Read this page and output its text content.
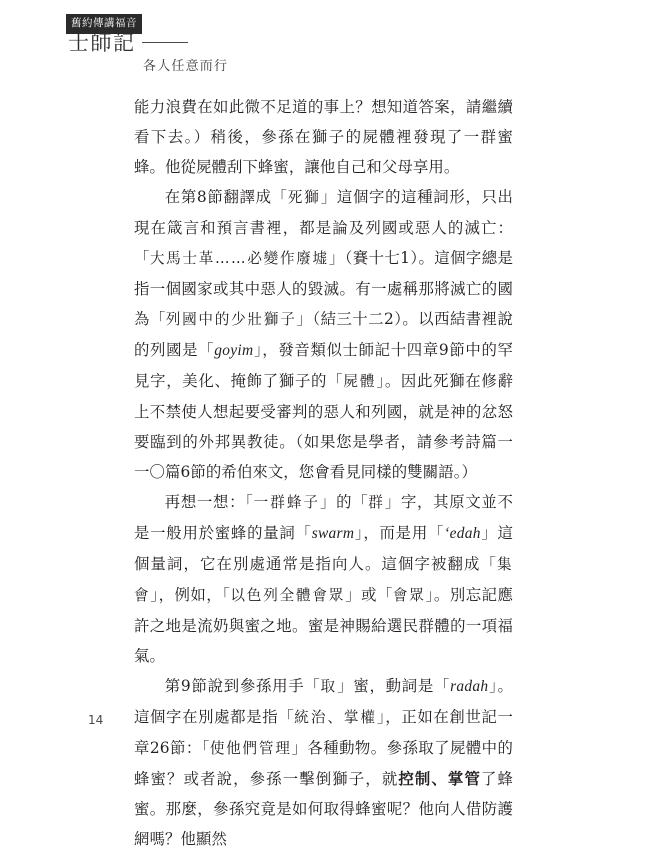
舊約傳講福音
士師記
各人任意而行

能力浪費在如此微不足道的事上？想知道答案，請繼續看下去。）稍後，參孫在獅子的屍體裡發現了一群蜜蜂。他從屍體刮下蜂蜜，讓他自己和父母享用。

在第8節翻譯成「死獅」這個字的這種詞形，只出現在箴言和預言書裡，都是論及列國或惡人的滅亡：「大馬士革……必變作廢墟」（賽十七1）。這個字總是指一個國家或其中惡人的毀滅。有一處稱那將滅亡的國為「列國中的少壯獅子」（結三十二2）。以西結書裡說的列國是「goyim」，發音類似士師記十四章9節中的罕見字，美化、掩飾了獅子的「屍體」。因此死獅在修辭上不禁使人想起要受審判的惡人和列國，就是神的忿怒要臨到的外邦異教徒。（如果您是學者，請參考詩篇一一〇篇6節的希伯來文，您會看見同樣的雙關語。）

再想一想：「一群蜂子」的「群」字，其原文並不是一般用於蜜蜂的量詞「swarm」，而是用「‘edah」這個量詞，它在別處通常是指向人。這個字被翻成「集會」，例如，「以色列全體會眾」或「會眾」。別忘記應許之地是流奶與蜜之地。蜜是神賜給選民群體的一項福氣。

第9節說到參孫用手「取」蜜，動詞是「radah」。這個字在別處都是指「統治、掌權」，正如在創世記一章26節：「使他們管理」各種動物。參孫取了屍體中的蜂蜜？或者說，參孫一擊倒獅子，就控制、掌管了蜂蜜。那麼，參孫究竟是如何取得蜂蜜呢？他向人借防護網嗎？他顯然

14
